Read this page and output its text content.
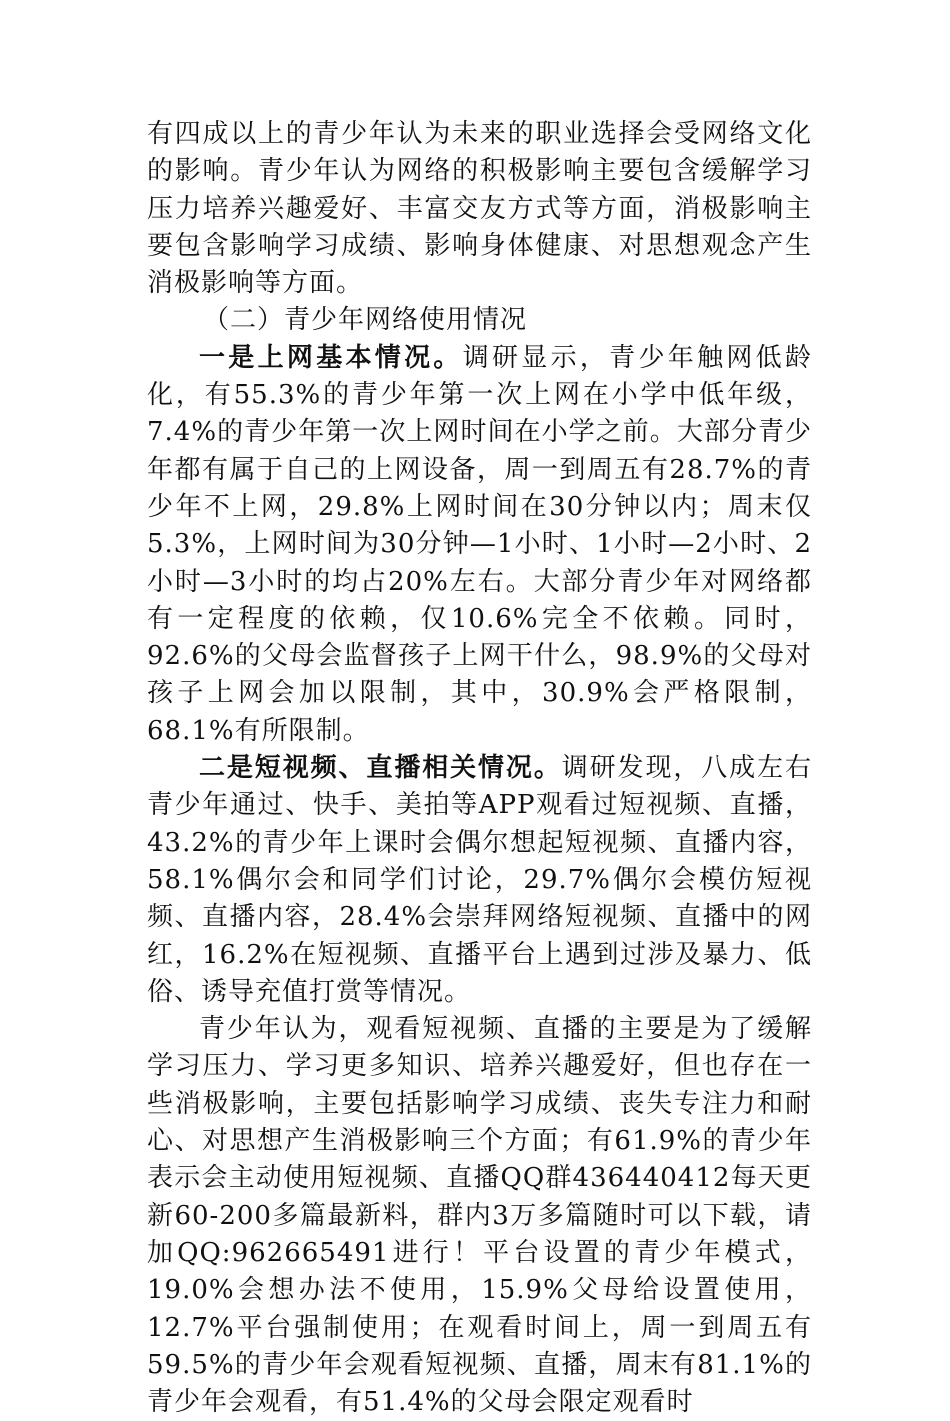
有四成以上的青少年认为未来的职业选择会受网络文化的影响。青少年认为网络的积极影响主要包含缓解学习压力培养兴趣爱好、丰富交友方式等方面，消极影响主要包含影响学习成绩、影响身体健康、对思想观念产生消极影响等方面。

（二）青少年网络使用情况

一是上网基本情况。调研显示，青少年触网低龄化，有55.3%的青少年第一次上网在小学中低年级，7.4%的青少年第一次上网时间在小学之前。大部分青少年都有属于自己的上网设备，周一到周五有28.7%的青少年不上网，29.8%上网时间在30分钟以内；周末仅5.3%，上网时间为30分钟—1小时、1小时—2小时、2小时—3小时的均占20%左右。大部分青少年对网络都有一定程度的依赖，仅10.6%完全不依赖。同时，92.6%的父母会监督孩子上网干什么，98.9%的父母对孩子上网会加以限制，其中，30.9%会严格限制，68.1%有所限制。

二是短视频、直播相关情况。调研发现，八成左右青少年通过、快手、美拍等APP观看过短视频、直播，43.2%的青少年上课时会偶尔想起短视频、直播内容，58.1%偶尔会和同学们讨论，29.7%偶尔会模仿短视频、直播内容，28.4%会崇拜网络短视频、直播中的网红，16.2%在短视频、直播平台上遇到过涉及暴力、低俗、诱导充值打赏等情况。

青少年认为，观看短视频、直播的主要是为了缓解学习压力、学习更多知识、培养兴趣爱好，但也存在一些消极影响，主要包括影响学习成绩、丧失专注力和耐心、对思想产生消极影响三个方面；有61.9%的青少年表示会主动使用短视频、直播QQ群436440412每天更新60-200多篇最新料，群内3万多篇随时可以下载，请加QQ:962665491进行！平台设置的青少年模式，19.0%会想办法不使用，15.9%父母给设置使用，12.7%平台强制使用；在观看时间上，周一到周五有59.5%的青少年会观看短视频、直播，周末有81.1%的青少年会观看，有51.4%的父母会限定观看时
